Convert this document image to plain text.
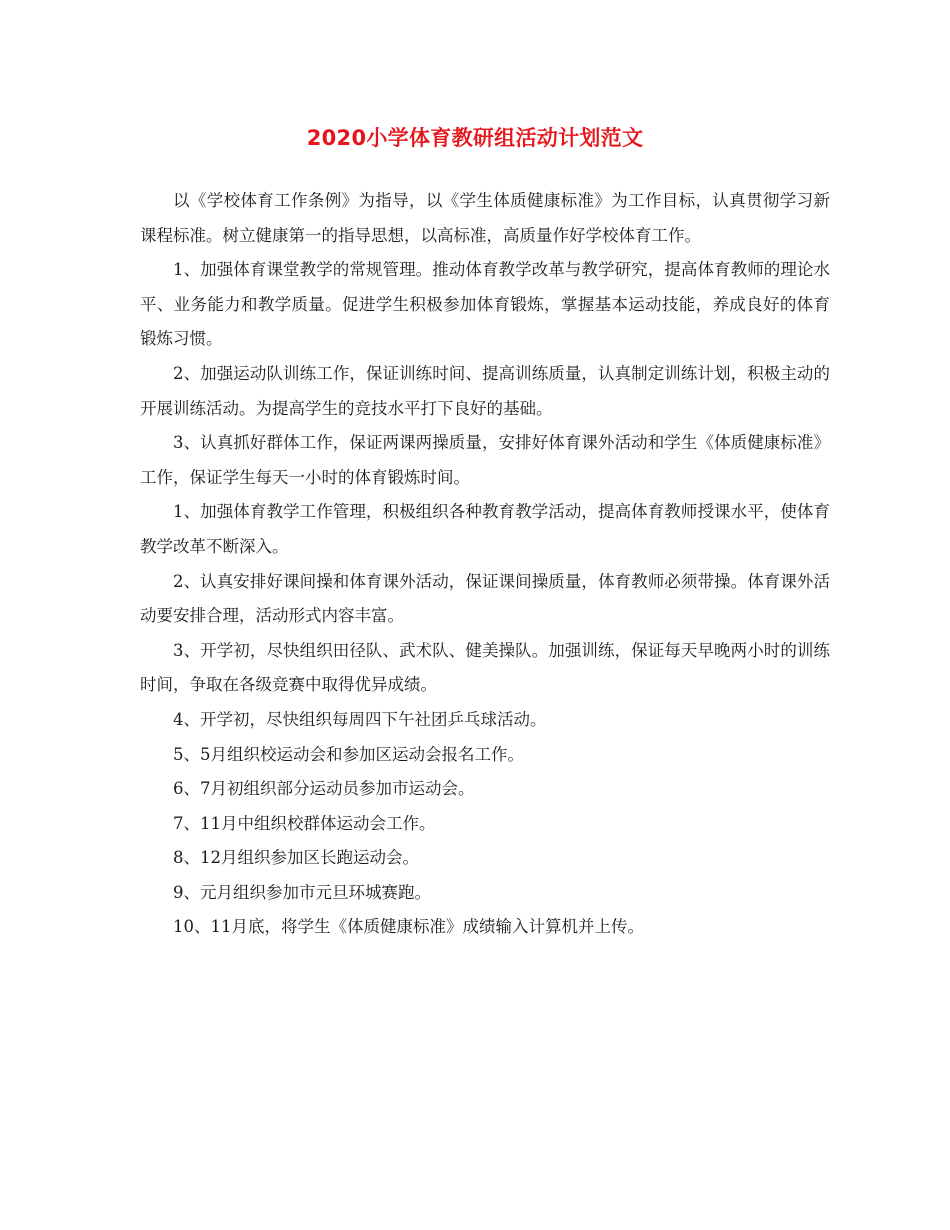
2020小学体育教研组活动计划范文

以《学校体育工作条例》为指导，以《学生体质健康标准》为工作目标，认真贯彻学习新课程标准。树立健康第一的指导思想，以高标准，高质量作好学校体育工作。

1、加强体育课堂教学的常规管理。推动体育教学改革与教学研究，提高体育教师的理论水平、业务能力和教学质量。促进学生积极参加体育锻炼，掌握基本运动技能，养成良好的体育锻炼习惯。

2、加强运动队训练工作，保证训练时间、提高训练质量，认真制定训练计划，积极主动的开展训练活动。为提高学生的竞技水平打下良好的基础。

3、认真抓好群体工作，保证两课两操质量，安排好体育课外活动和学生《体质健康标准》工作，保证学生每天一小时的体育锻炼时间。

1、加强体育教学工作管理，积极组织各种教育教学活动，提高体育教师授课水平，使体育教学改革不断深入。

2、认真安排好课间操和体育课外活动，保证课间操质量，体育教师必须带操。体育课外活动要安排合理，活动形式内容丰富。

3、开学初，尽快组织田径队、武术队、健美操队。加强训练，保证每天早晚两小时的训练时间，争取在各级竞赛中取得优异成绩。

4、开学初，尽快组织每周四下午社团乒乓球活动。

5、5月组织校运动会和参加区运动会报名工作。

6、7月初组织部分运动员参加市运动会。

7、11月中组织校群体运动会工作。

8、12月组织参加区长跑运动会。

9、元月组织参加市元旦环城赛跑。

10、11月底，将学生《体质健康标准》成绩输入计算机并上传。
